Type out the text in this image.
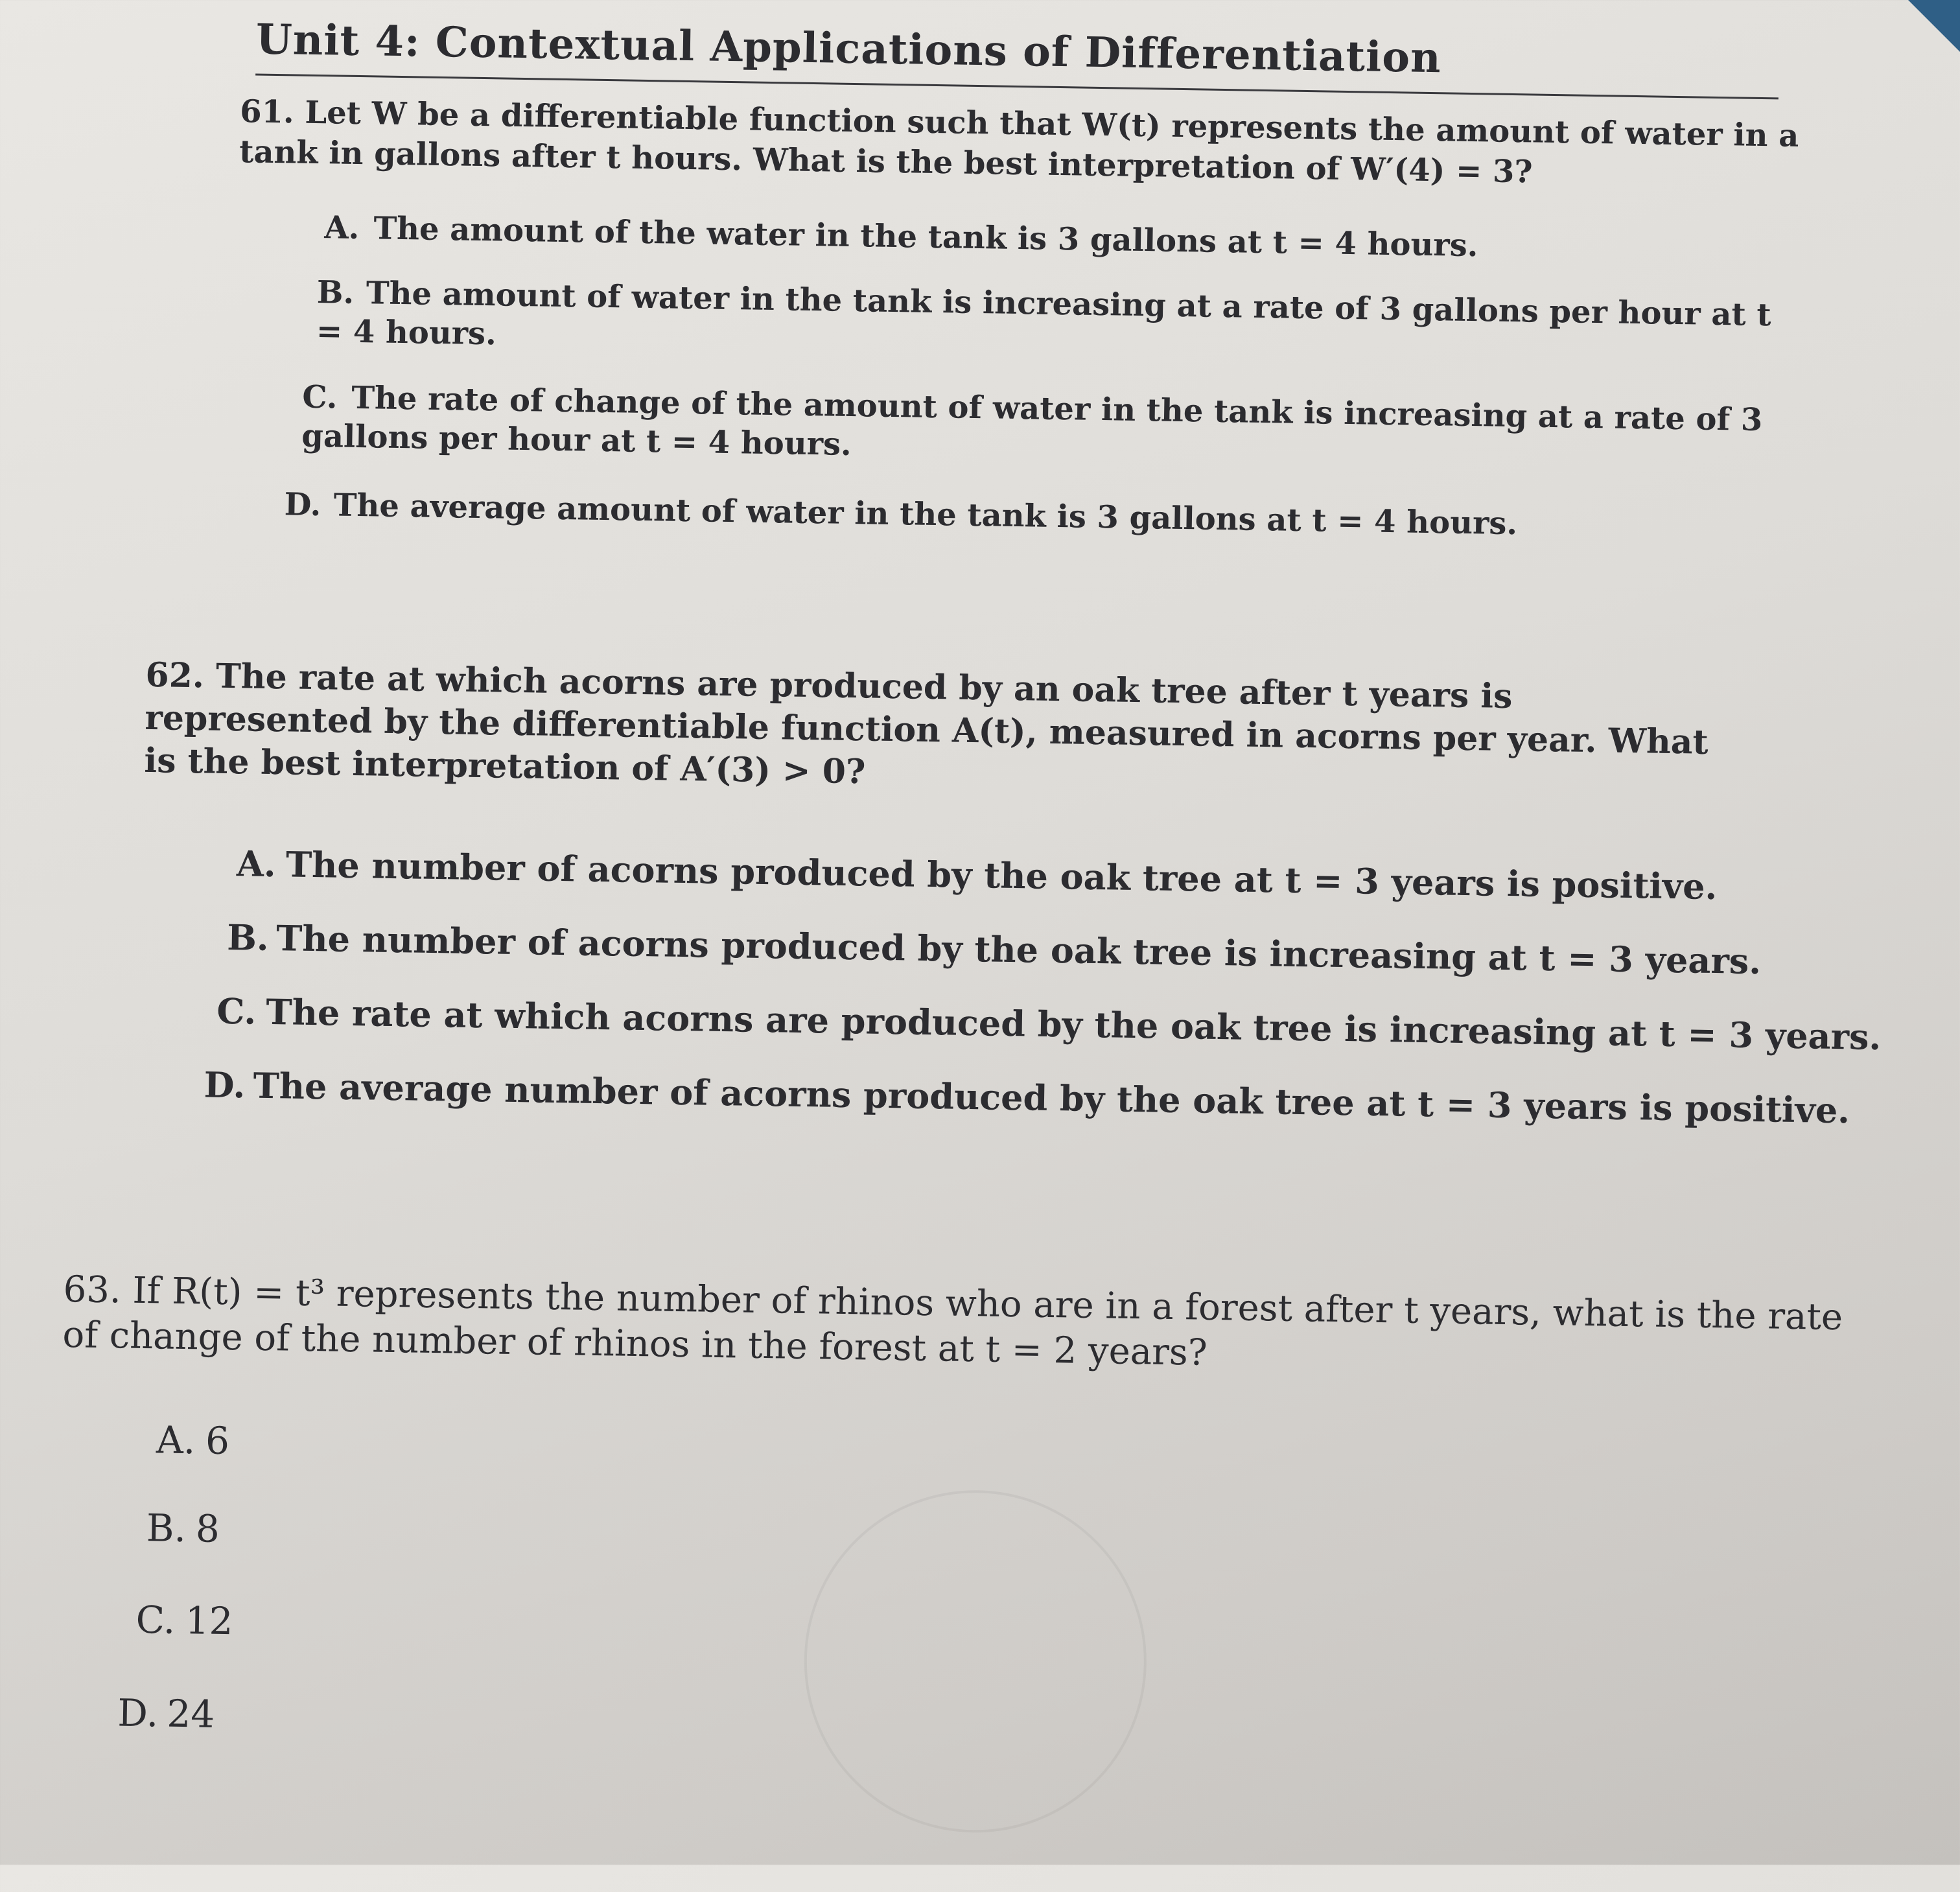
Unit 4: Contextual Applications of Differentiation

61. Let W be a differentiable function such that W(t) represents the amount of water in a tank in gallons after t hours. What is the best interpretation of W′(4) = 3?

A. The amount of the water in the tank is 3 gallons at t = 4 hours.

B. The amount of water in the tank is increasing at a rate of 3 gallons per hour at t = 4 hours.

C. The rate of change of the amount of water in the tank is increasing at a rate of 3 gallons per hour at t = 4 hours.

D. The average amount of water in the tank is 3 gallons at t = 4 hours.

62. The rate at which acorns are produced by an oak tree after t years is represented by the differentiable function A(t), measured in acorns per year. What is the best interpretation of A′(3) > 0?

A. The number of acorns produced by the oak tree at t = 3 years is positive.

B. The number of acorns produced by the oak tree is increasing at t = 3 years.

C. The rate at which acorns are produced by the oak tree is increasing at t = 3 years.

D. The average number of acorns produced by the oak tree at t = 3 years is positive.

63. If R(t) = t³ represents the number of rhinos who are in a forest after t years, what is the rate of change of the number of rhinos in the forest at t = 2 years?

A. 6

B. 8

C. 12

D. 24
